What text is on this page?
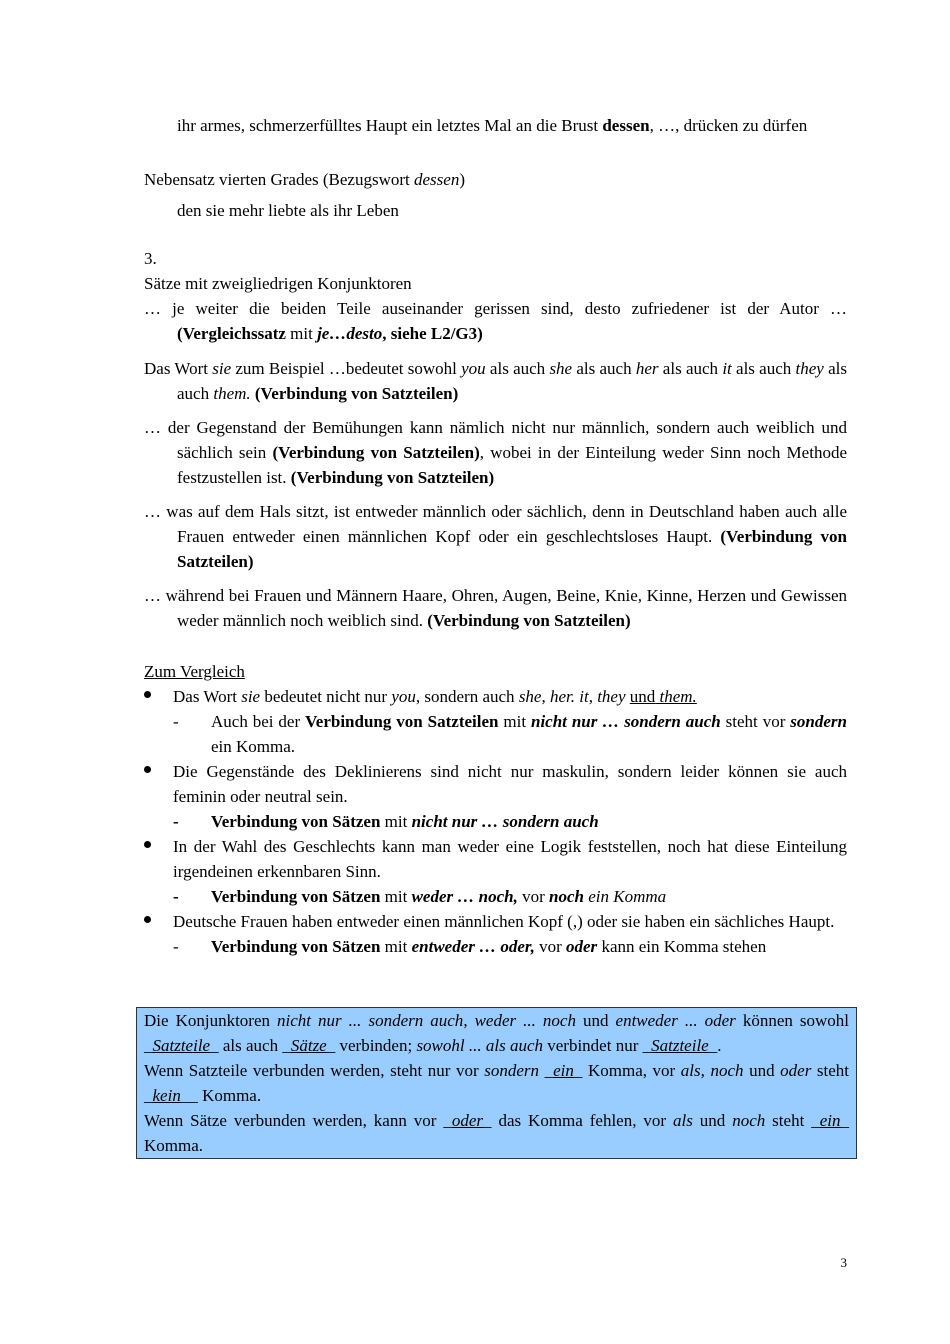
ihr armes, schmerzerfülltes Haupt ein letztes Mal an die Brust dessen, …, drücken zu dürfen

Nebensatz vierten Grades (Bezugswort dessen)

den sie mehr liebte als ihr Leben

3.

Sätze mit zweigliedrigen Konjunktoren

… je weiter die beiden Teile auseinander gerissen sind, desto zufriedener ist der Autor … (Vergleichssatz mit je…desto, siehe L2/G3)

Das Wort sie zum Beispiel …bedeutet sowohl you als auch she als auch her als auch it als auch they als auch them. (Verbindung von Satzteilen)

… der Gegenstand der Bemühungen kann nämlich nicht nur männlich, sondern auch weiblich und sächlich sein (Verbindung von Satzteilen), wobei in der Einteilung weder Sinn noch Methode festzustellen ist. (Verbindung von Satzteilen)

… was auf dem Hals sitzt, ist entweder männlich oder sächlich, denn in Deutschland haben auch alle Frauen entweder einen männlichen Kopf oder ein geschlechtsloses Haupt. (Verbindung von Satzteilen)

… während bei Frauen und Männern Haare, Ohren, Augen, Beine, Knie, Kinne, Herzen und Gewissen weder männlich noch weiblich sind. (Verbindung von Satzteilen)

Zum Vergleich

Das Wort sie bedeutet nicht nur you, sondern auch she, her. it, they und them.
- Auch bei der Verbindung von Satzteilen mit nicht nur … sondern auch steht vor sondern ein Komma.
Die Gegenstände des Deklinierens sind nicht nur maskulin, sondern leider können sie auch feminin oder neutral sein.
- Verbindung von Sätzen mit nicht nur … sondern auch
In der Wahl des Geschlechts kann man weder eine Logik feststellen, noch hat diese Einteilung irgendeinen erkennbaren Sinn.
- Verbindung von Sätzen mit weder … noch, vor noch ein Komma
Deutsche Frauen haben entweder einen männlichen Kopf (,) oder sie haben ein sächliches Haupt.
- Verbindung von Sätzen mit entweder … oder, vor oder kann ein Komma stehen

Die Konjunktoren nicht nur ... sondern auch, weder ... noch und entweder ... oder können sowohl _Satzteile_ als auch _Sätze_ verbinden; sowohl ... als auch verbindet nur _Satzteile_.

Wenn Satzteile verbunden werden, steht nur vor sondern _ein_ Komma, vor als, noch und oder steht _kein__ Komma.

Wenn Sätze verbunden werden, kann vor _oder_ das Komma fehlen, vor als und noch steht _ein_ Komma.

3
